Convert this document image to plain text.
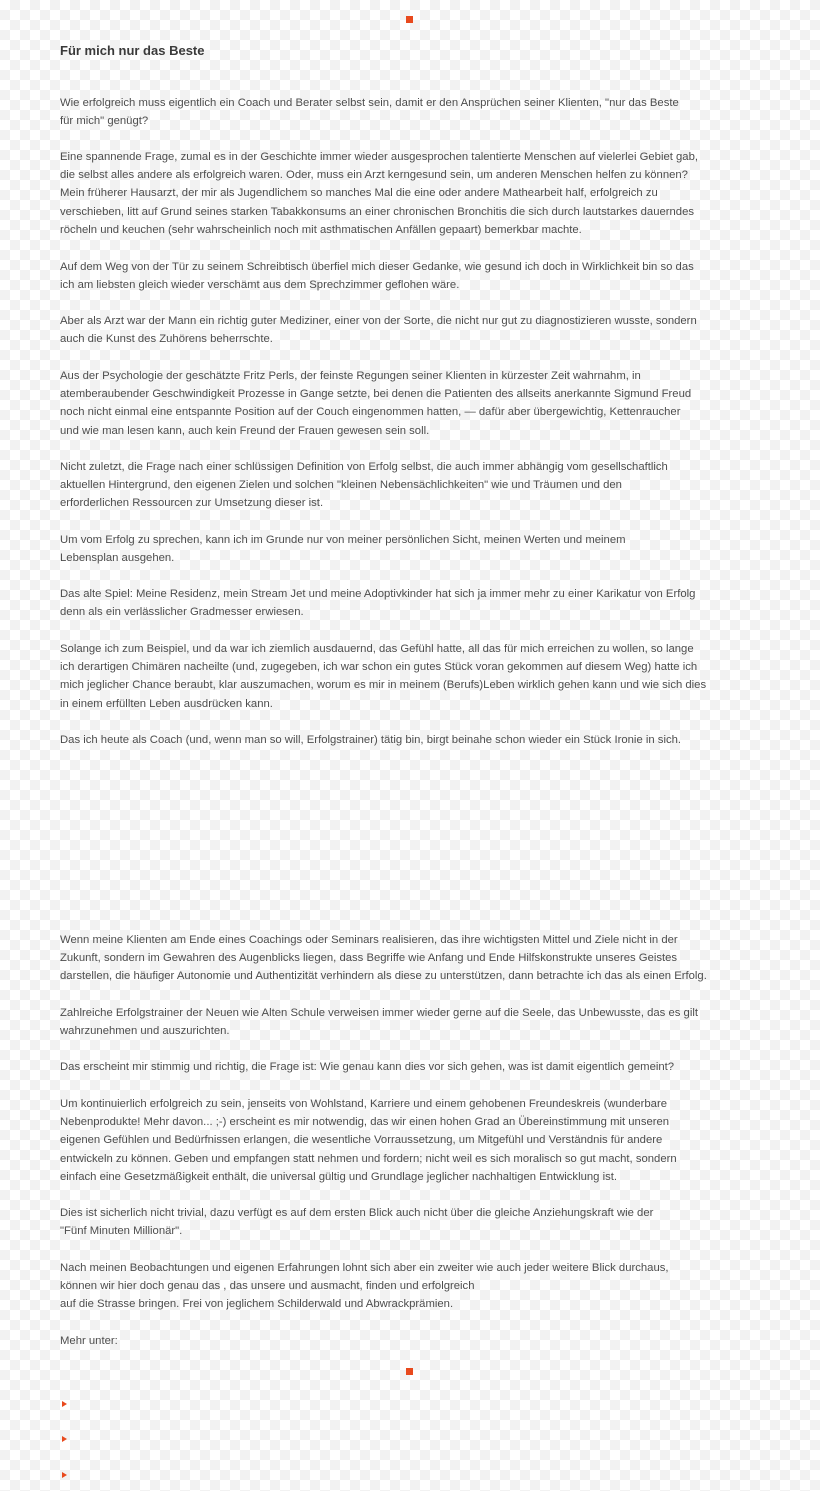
Für mich nur das Beste

Wie erfolgreich muss eigentlich ein Coach und Berater selbst sein, damit er den Ansprüchen seiner Klienten, "nur das Beste
für mich" genügt?

Eine spannende Frage, zumal es in der Geschichte immer wieder ausgesprochen talentierte Menschen auf vielerlei Gebiet gab,
die selbst alles andere als erfolgreich waren. Oder, muss ein Arzt kerngesund sein, um anderen Menschen helfen zu können?
Mein früherer Hausarzt, der mir als Jugendlichem so manches Mal die eine oder andere Mathearbeit half, erfolgreich zu
verschieben, litt auf Grund seines starken Tabakkonsums an einer chronischen Bronchitis die sich durch lautstarkes dauerndes
röcheln und keuchen (sehr wahrscheinlich noch mit asthmatischen Anfällen gepaart) bemerkbar machte.

Auf dem Weg von der Tür zu seinem Schreibtisch überfiel mich dieser Gedanke, wie gesund ich doch in Wirklichkeit bin so das
ich am liebsten gleich wieder verschämt aus dem Sprechzimmer geflohen wäre.

Aber als Arzt war der Mann ein richtig guter Mediziner, einer von der Sorte, die nicht nur gut zu diagnostizieren wusste, sondern
auch die Kunst des Zuhörens beherrschte.

Aus der Psychologie der geschätzte Fritz Perls, der feinste Regungen seiner Klienten in kürzester Zeit wahrnahm, in
atemberaubender Geschwindigkeit Prozesse in Gange setzte, bei denen die Patienten des allseits anerkannte Sigmund Freud
noch nicht einmal eine entspannte Position auf der Couch eingenommen hatten, — dafür aber übergewichtig, Kettenraucher
und wie man lesen kann, auch kein Freund der Frauen gewesen sein soll.

Nicht zuletzt, die Frage nach einer schlüssigen Definition von Erfolg selbst, die auch immer abhängig vom gesellschaftlich
aktuellen Hintergrund, den eigenen Zielen und solchen "kleinen Nebensächlichkeiten" wie und Träumen und den
erforderlichen Ressourcen zur Umsetzung dieser ist.

Um vom Erfolg zu sprechen, kann ich im Grunde nur von meiner persönlichen Sicht, meinen Werten und meinem
Lebensplan ausgehen.

Das alte Spiel: Meine Residenz, mein Stream Jet und meine Adoptivkinder hat sich ja immer mehr zu einer Karikatur von Erfolg
denn als ein verlässlicher Gradmesser erwiesen.

Solange ich zum Beispiel, und da war ich ziemlich ausdauernd, das Gefühl hatte, all das für mich erreichen zu wollen, so lange
ich derartigen Chimären nacheilte (und, zugegeben, ich war schon ein gutes Stück voran gekommen auf diesem Weg) hatte ich
mich jeglicher Chance beraubt, klar auszumachen, worum es mir in meinem (Berufs)Leben wirklich gehen kann und wie sich dies
in einem erfüllten Leben ausdrücken kann.

Das ich heute als Coach (und, wenn man so will, Erfolgstrainer) tätig bin, birgt beinahe schon wieder ein Stück Ironie in sich.

Wenn meine Klienten am Ende eines Coachings oder Seminars realisieren, das ihre wichtigsten Mittel und Ziele nicht in der
Zukunft, sondern im Gewahren des Augenblicks liegen, dass Begriffe wie Anfang und Ende Hilfskonstrukte unseres Geistes
darstellen, die häufiger Autonomie und Authentizität verhindern als diese zu unterstützen, dann betrachte ich das als einen Erfolg.

Zahlreiche Erfolgstrainer der Neuen wie Alten Schule verweisen immer wieder gerne auf die Seele, das Unbewusste, das es gilt
wahrzunehmen und auszurichten.

Das erscheint mir stimmig und richtig, die Frage ist: Wie genau kann dies vor sich gehen, was ist damit eigentlich gemeint?

Um kontinuierlich erfolgreich zu sein, jenseits von Wohlstand, Karriere und einem gehobenen Freundeskreis (wunderbare
Nebenprodukte! Mehr davon... ;-) erscheint es mir notwendig, das wir einen hohen Grad an Übereinstimmung mit unseren
eigenen Gefühlen und Bedürfnissen erlangen, die wesentliche Vorraussetzung, um Mitgefühl und Verständnis für andere
entwickeln zu können. Geben und empfangen statt nehmen und fordern; nicht weil es sich moralisch so gut macht, sondern
einfach eine Gesetzmäßigkeit enthält, die universal gültig und Grundlage jeglicher nachhaltigen Entwicklung ist.

Dies ist sicherlich nicht trivial, dazu verfügt es auf dem ersten Blick auch nicht über die gleiche Anziehungskraft wie der
"Fünf Minuten Millionär".

Nach meinen Beobachtungen und eigenen Erfahrungen lohnt sich aber ein zweiter wie auch jeder weitere Blick durchaus,
können wir hier doch genau das , das unsere und ausmacht, finden und erfolgreich
auf die Strasse bringen. Frei von jeglichem Schilderwald und Abwrackprämien.

Mehr unter:
